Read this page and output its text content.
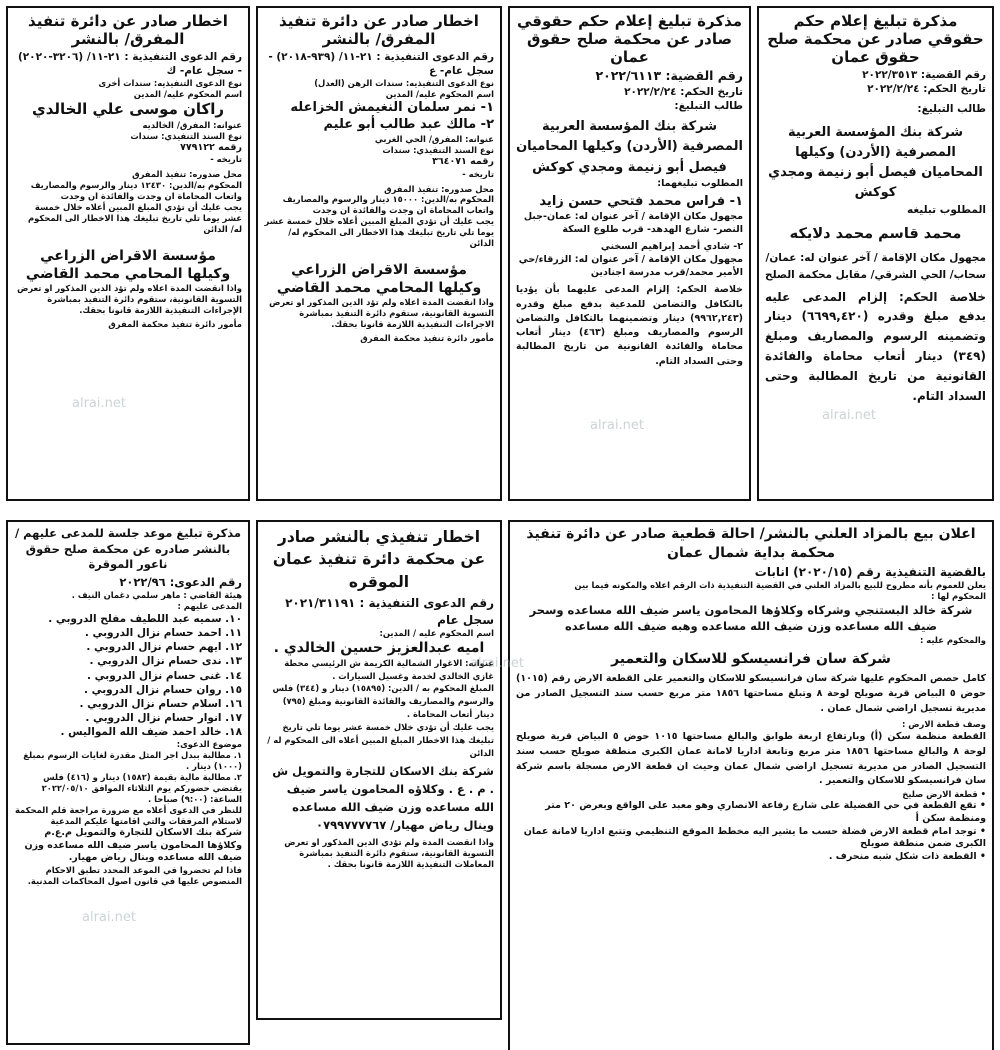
مذكرة تبليغ إعلام حكم حقوقي صادر عن محكمة صلح حقوق عمان
رقم القضية: ٢٠٢٢/٣٥١٣
تاريخ الحكم: ٢٠٢٢/٢/٢٤
طالب التبليغ:
شركة بنك المؤسسة العربية المصرفية (الأردن) وكيلها المحاميان فيصل أبو زنيمة ومجدي كوكش
المطلوب تبليغه
محمد قاسم محمد دلايكه
مجهول مكان الإقامة / آخر عنوان له: عمان/ سحاب/ الحي الشرقي/ مقابل محكمة الصلح
خلاصة الحكم: إلزام المدعى عليه بدفع مبلغ وقدره (٦٦٩٩,٤٢٠) دينار وتضمينه الرسوم والمصاريف ومبلغ (٣٤٩) دينار أتعاب محاماة والفائدة القانونية من تاريخ المطالبة وحتى السداد التام.
مذكرة تبليغ إعلام حكم حقوقي صادر عن محكمة صلح حقوق عمان
رقم القضية: ٢٠٢٢/٦١١٣
تاريخ الحكم: ٢٠٢٢/٢/٢٤
طالب التبليغ:
شركة بنك المؤسسة العربية المصرفية (الأردن) وكيلها المحاميان فيصل أبو زنيمة ومجدي كوكش
المطلوب تبليغهما:
١- فراس محمد فتحي حسن زايد
مجهول مكان الإقامة / آخر عنوان له: عمان-جبل النصر- شارع الهدهد- قرب طلوع السكة
٢- شادي أحمد إبراهيم السخني
مجهول مكان الإقامة / آخر عنوان له: الزرقاء/حي الأمير محمد/قرب مدرسة اجنادين
خلاصة الحكم: إلزام المدعى عليهما بأن يؤديا بالتكافل والتضامن للمدعية بدفع مبلغ وقدره (٩٩٦٢,٢٤٣) دينار وتضمينهما بالتكافل والتضامن الرسوم والمصاريف ومبلغ (٤٦٣) دينار أتعاب محاماة والفائدة القانونية من تاريخ المطالبة وحتى السداد التام.
اخطار صادر عن دائرة تنفيذ المفرق/ بالنشر
رقم الدعوى التنفيذية : ٢١-١١/ (٩٣٩-٢٠١٨) - سجل عام- ع
نوع الدعوى التنفيذيه: سندات الرهن (العدل)
اسم المحكوم عليه/ المدين
١- نمر سلمان النغيمش الخزاعله
٢- مالك عبد طالب أبو عليم
عنوانه: المفرق/ الحي الغربي
نوع السند التنفيذي: سندات
رقمه ٣٦٤٠٧١
تاريخه -
محل صدوره: تنفيذ المفرق
المحكوم به/الدين: ١٥٠٠٠ دينار والرسوم والمصاريف واتعاب المحاماة ان وجدت والفائدة ان وجدت
يجب عليك أن تؤدي المبلغ المبين أعلاه خلال خمسة عشر يوما تلي تاريخ تبليغك هذا الاخطار الى المحكوم له/ الدائن
مؤسسة الاقراض الزراعي
وكيلها المحامي محمد القاضي
واذا انقضت المدة اعلاه ولم تؤد الدين المذكور او تعرض التسوية القانونية، ستقوم دائرة التنفيذ بمباشرة الاجراءات التنفيذية اللازمة قانونا بحقك.
مأمور دائرة تنفيذ محكمة المفرق
اخطار صادر عن دائرة تنفيذ المفرق/ بالنشر
رقم الدعوى التنفيذية : ٢١-١١/ (٣٢٠٦-٢٠٢٠) - سجل عام- ك
نوع الدعوى التنفيذيه: سندات أخرى
اسم المحكوم عليه/ المدين
راكان موسى علي الخالدي
عنوانه: المفرق/ الخالديه
نوع السند التنفيذي: سندات
رقمه ٧٧٩١٢٢
تاريخه -
محل صدوره: تنفيذ المفرق
المحكوم به/الدين: ١٢٤٣٠ دينار والرسوم والمصاريف واتعاب المحاماة ان وجدت والفائدة ان وجدت
يجب عليك أن تؤدي المبلغ المبين أعلاه خلال خمسة عشر يوما تلي تاريخ تبليغك هذا الاخطار الى المحكوم له/ الدائن
مؤسسة الاقراض الزراعي
وكيلها المحامي محمد القاضي
واذا انقضت المدة اعلاه ولم تؤد الدين المذكور او تعرض التسوية القانونية، ستقوم دائرة التنفيذ بمباشرة الإجراءات التنفيذية اللازمة قانونا بحقك.
مأمور دائرة تنفيذ محكمة المفرق
اعلان بيع بالمزاد العلني بالنشر/ احالة قطعية صادر عن دائرة تنفيذ
محكمة بداية شمال عمان
بالقضية التنفيذية رقم (٢٠٢٠/١٥) انابات
يعلن للعموم بأنه مطروح للبيع بالمزاد العلني في القضية التنفيذية ذات الرقم اعلاه والمكونه فيما بين
المحكوم لها :
شركة خالد البستنجي وشركاه وكلاؤها المحامون ياسر ضيف الله مساعده وسحر ضيف الله مساعده وزن ضيف الله مساعده وهبه ضيف الله مساعده
والمحكوم عليه :
شركة سان فرانسيسكو للاسكان والتعمير
كامل حصص المحكوم عليها شركة سان فرانسيسكو للاسكان والتعمير على القطعة الارض رقم (١٠١٥) حوض ٥ البياض قرية صويلح لوحة ٨ وتبلغ مساحتها ١٨٥٦ متر مربع حسب سند التسجيل الصادر من مديرية تسجيل اراضي شمال عمان .
وصف قطعة الارض :
القطعة منظمة سكن (أ) وبارتفاع اربعة طوابق والبالغ مساحتها ١٠١٥ حوض ٥ البياض قرية صويلح لوحة ٨ والبالغ مساحتها ١٨٥٦ متر مربع وتابعة اداريا لامانة عمان الكبرى منطقة صويلح حسب سند التسجيل الصادر من مديرية تسجيل اراضي شمال عمان وحيث ان قطعة الارض مسجلة باسم شركة سان فرانسيسكو للاسكان والتعمير .
• قطعة الارض صليخ
• تقع القطعة في حي الفضيلة على شارع رفاعة الانصاري وهو معبد على الواقع وبعرض ٢٠ متر ومنظمة سكن أ
• توجد امام قطعة الارض فضلة حسب ما يشير اليه مخطط الموقع التنظيمي وتتبع اداريا لامانة عمان الكبرى ضمن منطقة صويلح
• القطعة ذات شكل شبه منحرف .
اخطار تنفيذي بالنشر صادر عن محكمة دائرة تنفيذ عمان الموقره
رقم الدعوى التنفيذية : ٢٠٢١/٣١١٩١ سجل عام
اسم المحكوم عليه / المدين:
اميه عبدالعزيز حسين الخالدي .
عنوانه: الاغوار الشمالية الكريمة ش الرئيسي محطة غازي الخالدي لخدمة وغسيل السيارات .
المبلغ المحكوم به / الدين: (١٥٨٩٥) دينار و (٣٤٤) فلس والرسوم والمصاريف والفائدة القانونية ومبلغ (٧٩٥) دينار أتعاب المحاماة .
يجب عليك أن تؤدي خلال خمسة عشر يوما تلي تاريخ تبليغك هذا الاخطار المبلغ المبين أعلاه الى المحكوم له / الدائن
شركة بنك الاسكان للتجارة والتمويل ش . م . ع . وكلاؤه المحامون ياسر ضيف الله مساعده وزن ضيف الله مساعده وينال رياض مهيار/ ٠٧٩٩٧٧٧٧٦٧
واذا انقضت المدة ولم تؤدي الدين المذكور او تعرض التسوية القانونية، ستقوم دائرة التنفيذ بمباشرة المعاملات التنفيذية اللازمة قانونا بحقك .
مذكرة تبليغ موعد جلسة للمدعى عليهم / بالنشر صادره عن محكمة صلح حقوق ناعور الموقرة
رقم الدعوى: ٢٠٢٢/٩٦
هيئة القاضي : ماهر سلمي دغمان النيف .
المدعى عليهم :
١٠. سميه عبد اللطيف مفلح الدروبي .
١١. احمد حسام نزال الدروبي .
١٢. ايهم حسام نزال الدروبي .
١٣. ندى حسام نزال الدروبي .
١٤. غنى حسام نزال الدروبي .
١٥. روان حسام نزال الدروبي .
١٦. اسلام حسام نزال الدروبي .
١٧. انوار حسام نزال الدروبي .
١٨. خالد احمد ضيف الله المواليس .
موضوع الدعوى:
١. مطالبة ببدل اجر المثل مقدرة لغايات الرسوم بمبلغ (١٠٠٠) دينار .
٢. مطالبة مالية بقيمة (١٥٨٢) دينار و (٤١٦) فلس
يقتضي حضوركم يوم الثلاثاء الموافق ٢٠٢٢/٠٥/١٠
الساعة: (٩:٠٠) صباحا .
للنظر في الدعوى أعلاه مع ضرورة مراجعة قلم المحكمة لاستلام المرفقات والتي اقامتها عليكم المدعية
شركة بنك الاسكان للتجارة والتمويل م.ع.م
وكلاؤها المحامون ياسر ضيف الله مساعده وزن ضيف الله مساعده وينال رياض مهيار.
فاذا لم تحضروا في الموعد المحدد تطبق الاحكام المنصوص عليها في قانون اصول المحاكمات المدنية.
alrai.net
alrai.net
alrai.net
alrai.net
alrai.net
